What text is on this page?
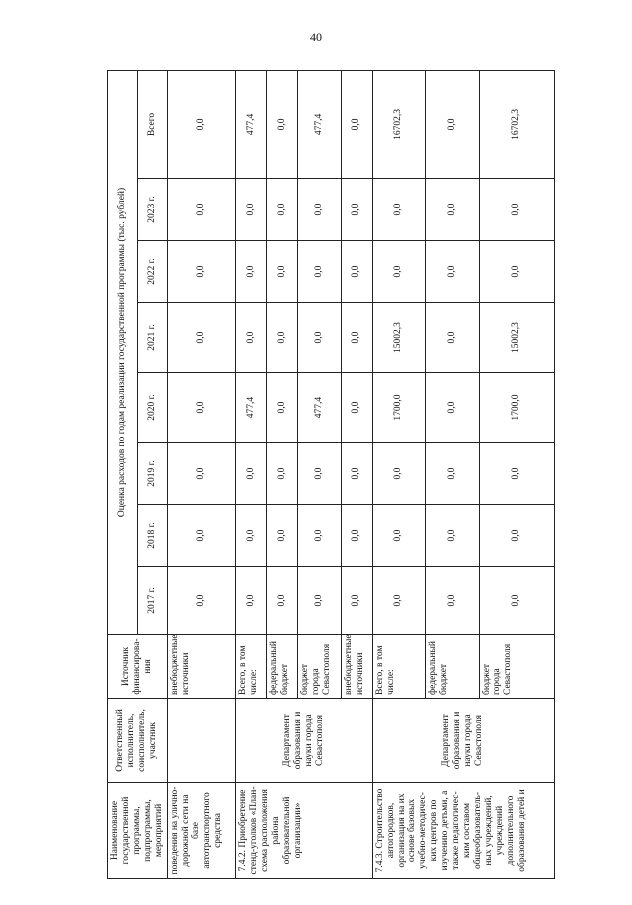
40
Наименование государственной программы, подпрограммы, мероприятий	Ответственный исполнитель, соисполнитель, участник	Источник финансирова-ния	Оценка расходов по годам реализации государственной программы (тыс. рублей)							
			2017 г.	2018 г.	2019 г.	2020 г.	2021 г.	2022 г.	2023 г.	Всего
поведения на улично-дорожной сети на базе автотранспортного средства		внебюджетные источники	0,0	0,0	0,0	0,0	0,0	0,0	0,0	0,0
7.4.2. Приобретение стенд-уголков «План-схема расположения района образовательной организации»	Департамент образования и науки города Севастополя	Всего, в том числе:	0,0	0,0	0,0	477,4	0,0	0,0	0,0	477,4
		федеральный бюджет	0,0	0,0	0,0	0,0	0,0	0,0	0,0	0,0
		бюджет города Севастополя	0,0	0,0	0,0	477,4	0,0	0,0	0,0	477,4
		внебюджетные источники	0,0	0,0	0,0	0,0	0,0	0,0	0,0	0,0
7.4.3. Строительство автогородков, организация на их основе базовых учебно-методичес-ких центров по изучению детьми, а также педагогичес-ким составом общеобразователь-ных учреждений, учреждений дополнительного образования детей и	Департамент образования и науки города Севастополя	Всего, в том числе:	0,0	0,0	0,0	1700,0	15002,3	0,0	0,0	16702,3
		федеральный бюджет	0,0	0,0	0,0	0,0	0,0	0,0	0,0	0,0
		бюджет города Севастополя	0,0	0,0	0,0	1700,0	15002,3	0,0	0,0	16702,3
